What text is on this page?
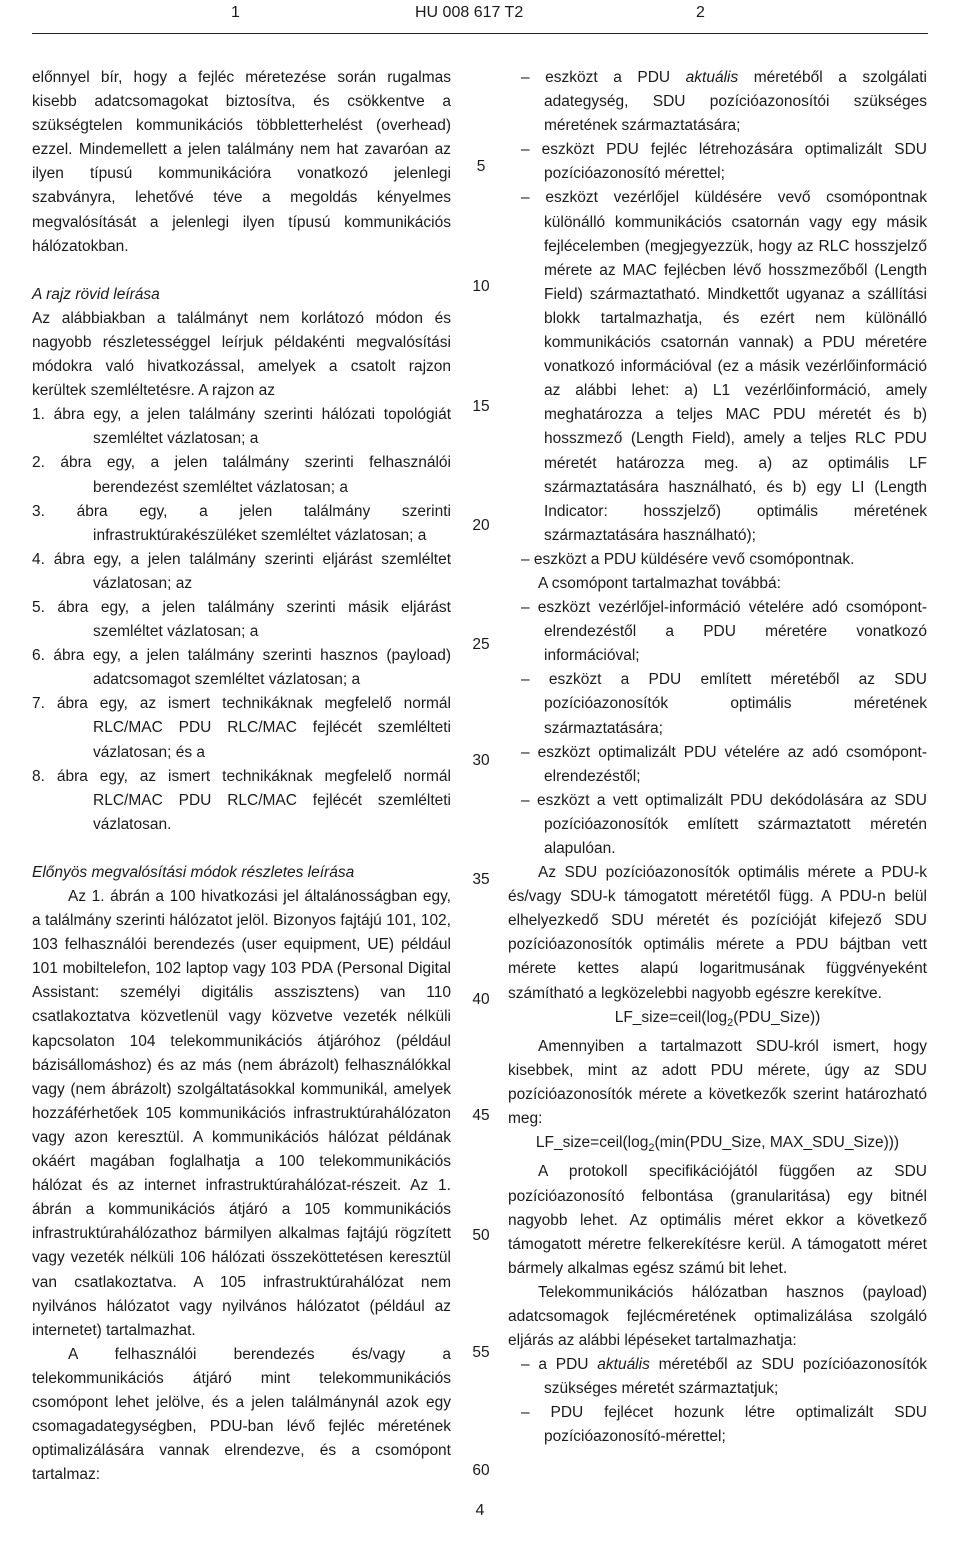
1	HU 008 617 T2	2

előnnyel bír, hogy a fejléc méretezése során rugalmas kisebb adatcsomagokat biztosítva, és csökkentve a szükségtelen kommunikációs többletterhelést (overhead) ezzel. Mindemellett a jelen találmány nem hat zavaróan az ilyen típusú kommunikációra vonatkozó jelenlegi szabványra, lehetővé téve a megoldás kényelmes megvalósítását a jelenlegi ilyen típusú kommunikációs hálózatokban.

A rajz rövid leírása

Az alábbiakban a találmányt nem korlátozó módon és nagyobb részletességgel leírjuk példakénti megvalósítási módokra való hivatkozással, amelyek a csatolt rajzon kerültek szemléltetésre. A rajzon az

1. ábra egy, a jelen találmány szerinti hálózati topológiát szemléltet vázlatosan; a

2. ábra egy, a jelen találmány szerinti felhasználói berendezést szemléltet vázlatosan; a

3. ábra egy, a jelen találmány szerinti infrastruktúrakészüléket szemléltet vázlatosan; a

4. ábra egy, a jelen találmány szerinti eljárást szemléltet vázlatosan; az

5. ábra egy, a jelen találmány szerinti másik eljárást szemléltet vázlatosan; a

6. ábra egy, a jelen találmány szerinti hasznos (payload) adatcsomagot szemléltet vázlatosan; a

7. ábra egy, az ismert technikáknak megfelelő normál RLC/MAC PDU RLC/MAC fejlécét szemlélteti vázlatosan; és a

8. ábra egy, az ismert technikáknak megfelelő normál RLC/MAC PDU RLC/MAC fejlécét szemlélteti vázlatosan.

Előnyös megvalósítási módok részletes leírása

Az 1. ábrán a 100 hivatkozási jel általánosságban egy, a találmány szerinti hálózatot jelöl. Bizonyos fajtájú 101, 102, 103 felhasználói berendezés (user equipment, UE) például 101 mobiltelefon, 102 laptop vagy 103 PDA (Personal Digital Assistant: személyi digitális asszisztens) van 110 csatlakoztatva közvetlenül vagy közvetve vezeték nélküli kapcsolaton 104 telekommunikációs átjáróhoz (például bázisállomáshoz) és az más (nem ábrázolt) felhasználókkal vagy (nem ábrázolt) szolgáltatásokkal kommunikál, amelyek hozzáférhetőek 105 kommunikációs infrastruktúrahálózaton vagy azon keresztül. A kommunikációs hálózat példának okáért magában foglalhatja a 100 telekommunikációs hálózat és az internet infrastruktúrahálózat-részeit. Az 1. ábrán a kommunikációs átjáró a 105 kommunikációs infrastruktúrahálózathoz bármilyen alkalmas fajtájú rögzített vagy vezeték nélküli 106 hálózati összeköttetésen keresztül van csatlakoztatva. A 105 infrastruktúrahálózat nem nyilvános hálózatot vagy nyilvános hálózatot (például az internetet) tartalmazhat.

A felhasználói berendezés és/vagy a telekommunikációs átjáró mint telekommunikációs csomópont lehet jelölve, és a jelen találmánynál azok egy csomagadategységben, PDU-ban lévő fejléc méretének optimalizálására vannak elrendezve, és a csomópont tartalmaz:

5
10
15
20
25
30
35
40
45
50
55
60

– eszközt a PDU aktuális méretéből a szolgálati adategység, SDU pozícióazonosítói szükséges méretének származtatására;

– eszközt PDU fejléc létrehozására optimalizált SDU pozícióazonosító mérettel;

– eszközt vezérlőjel küldésére vevő csomópontnak különálló kommunikációs csatornán vagy egy másik fejlécelemben (megjegyezzük, hogy az RLC hosszjelző mérete az MAC fejlécben lévő hosszmezőből (Length Field) származtatható. Mindkettőt ugyanaz a szállítási blokk tartalmazhatja, és ezért nem különálló kommunikációs csatornán vannak) a PDU méretére vonatkozó információval (ez a másik vezérlőinformáció az alábbi lehet: a) L1 vezérlőinformáció, amely meghatározza a teljes MAC PDU méretét és b) hosszmező (Length Field), amely a teljes RLC PDU méretét határozza meg. a) az optimális LF származtatására használható, és b) egy LI (Length Indicator: hosszjelző) optimális méretének származtatására használható);

– eszközt a PDU küldésére vevő csomópontnak.

A csomópont tartalmazhat továbbá:

– eszközt vezérlőjel-információ vételére adó csomópont-elrendezéstől a PDU méretére vonatkozó információval;

– eszközt a PDU említett méretéből az SDU pozícióazonosítók optimális méretének származtatására;

– eszközt optimalizált PDU vételére az adó csomópont-elrendezéstől;

– eszközt a vett optimalizált PDU dekódolására az SDU pozícióazonosítók említett származtatott méretén alapulóan.

Az SDU pozícióazonosítók optimális mérete a PDU-k és/vagy SDU-k támogatott méretétől függ. A PDU-n belül elhelyezkedő SDU méretét és pozícióját kifejező SDU pozícióazonosítók optimális mérete a PDU bájtban vett mérete kettes alapú logaritmusának függvényeként számítható a legközelebbi nagyobb egészre kerekítve.

$LF\_size=ceil(\log_2(PDU\_Size))$

Amennyiben a tartalmazott SDU-król ismert, hogy kisebbek, mint az adott PDU mérete, úgy az SDU pozícióazonosítók mérete a következők szerint határozható meg:

$LF\_size=ceil(\log_2(\min(PDU\_Size$, MAX_SDU_Size)))

A protokoll specifikációjától függően az SDU pozícióazonosító felbontása (granularitása) egy bitnél nagyobb lehet. Az optimális méret ekkor a következő támogatott méretre felkerekítésre kerül. A támogatott méret bármely alkalmas egész számú bit lehet.

Telekommunikációs hálózatban hasznos (payload) adatcsomagok fejlécméretének optimalizálása szolgáló eljárás az alábbi lépéseket tartalmazhatja:

– a PDU aktuális méretéből az SDU pozícióazonosítók szükséges méretét származtatjuk;

– PDU fejlécet hozunk létre optimalizált SDU pozícióazonosító-mérettel;

4
